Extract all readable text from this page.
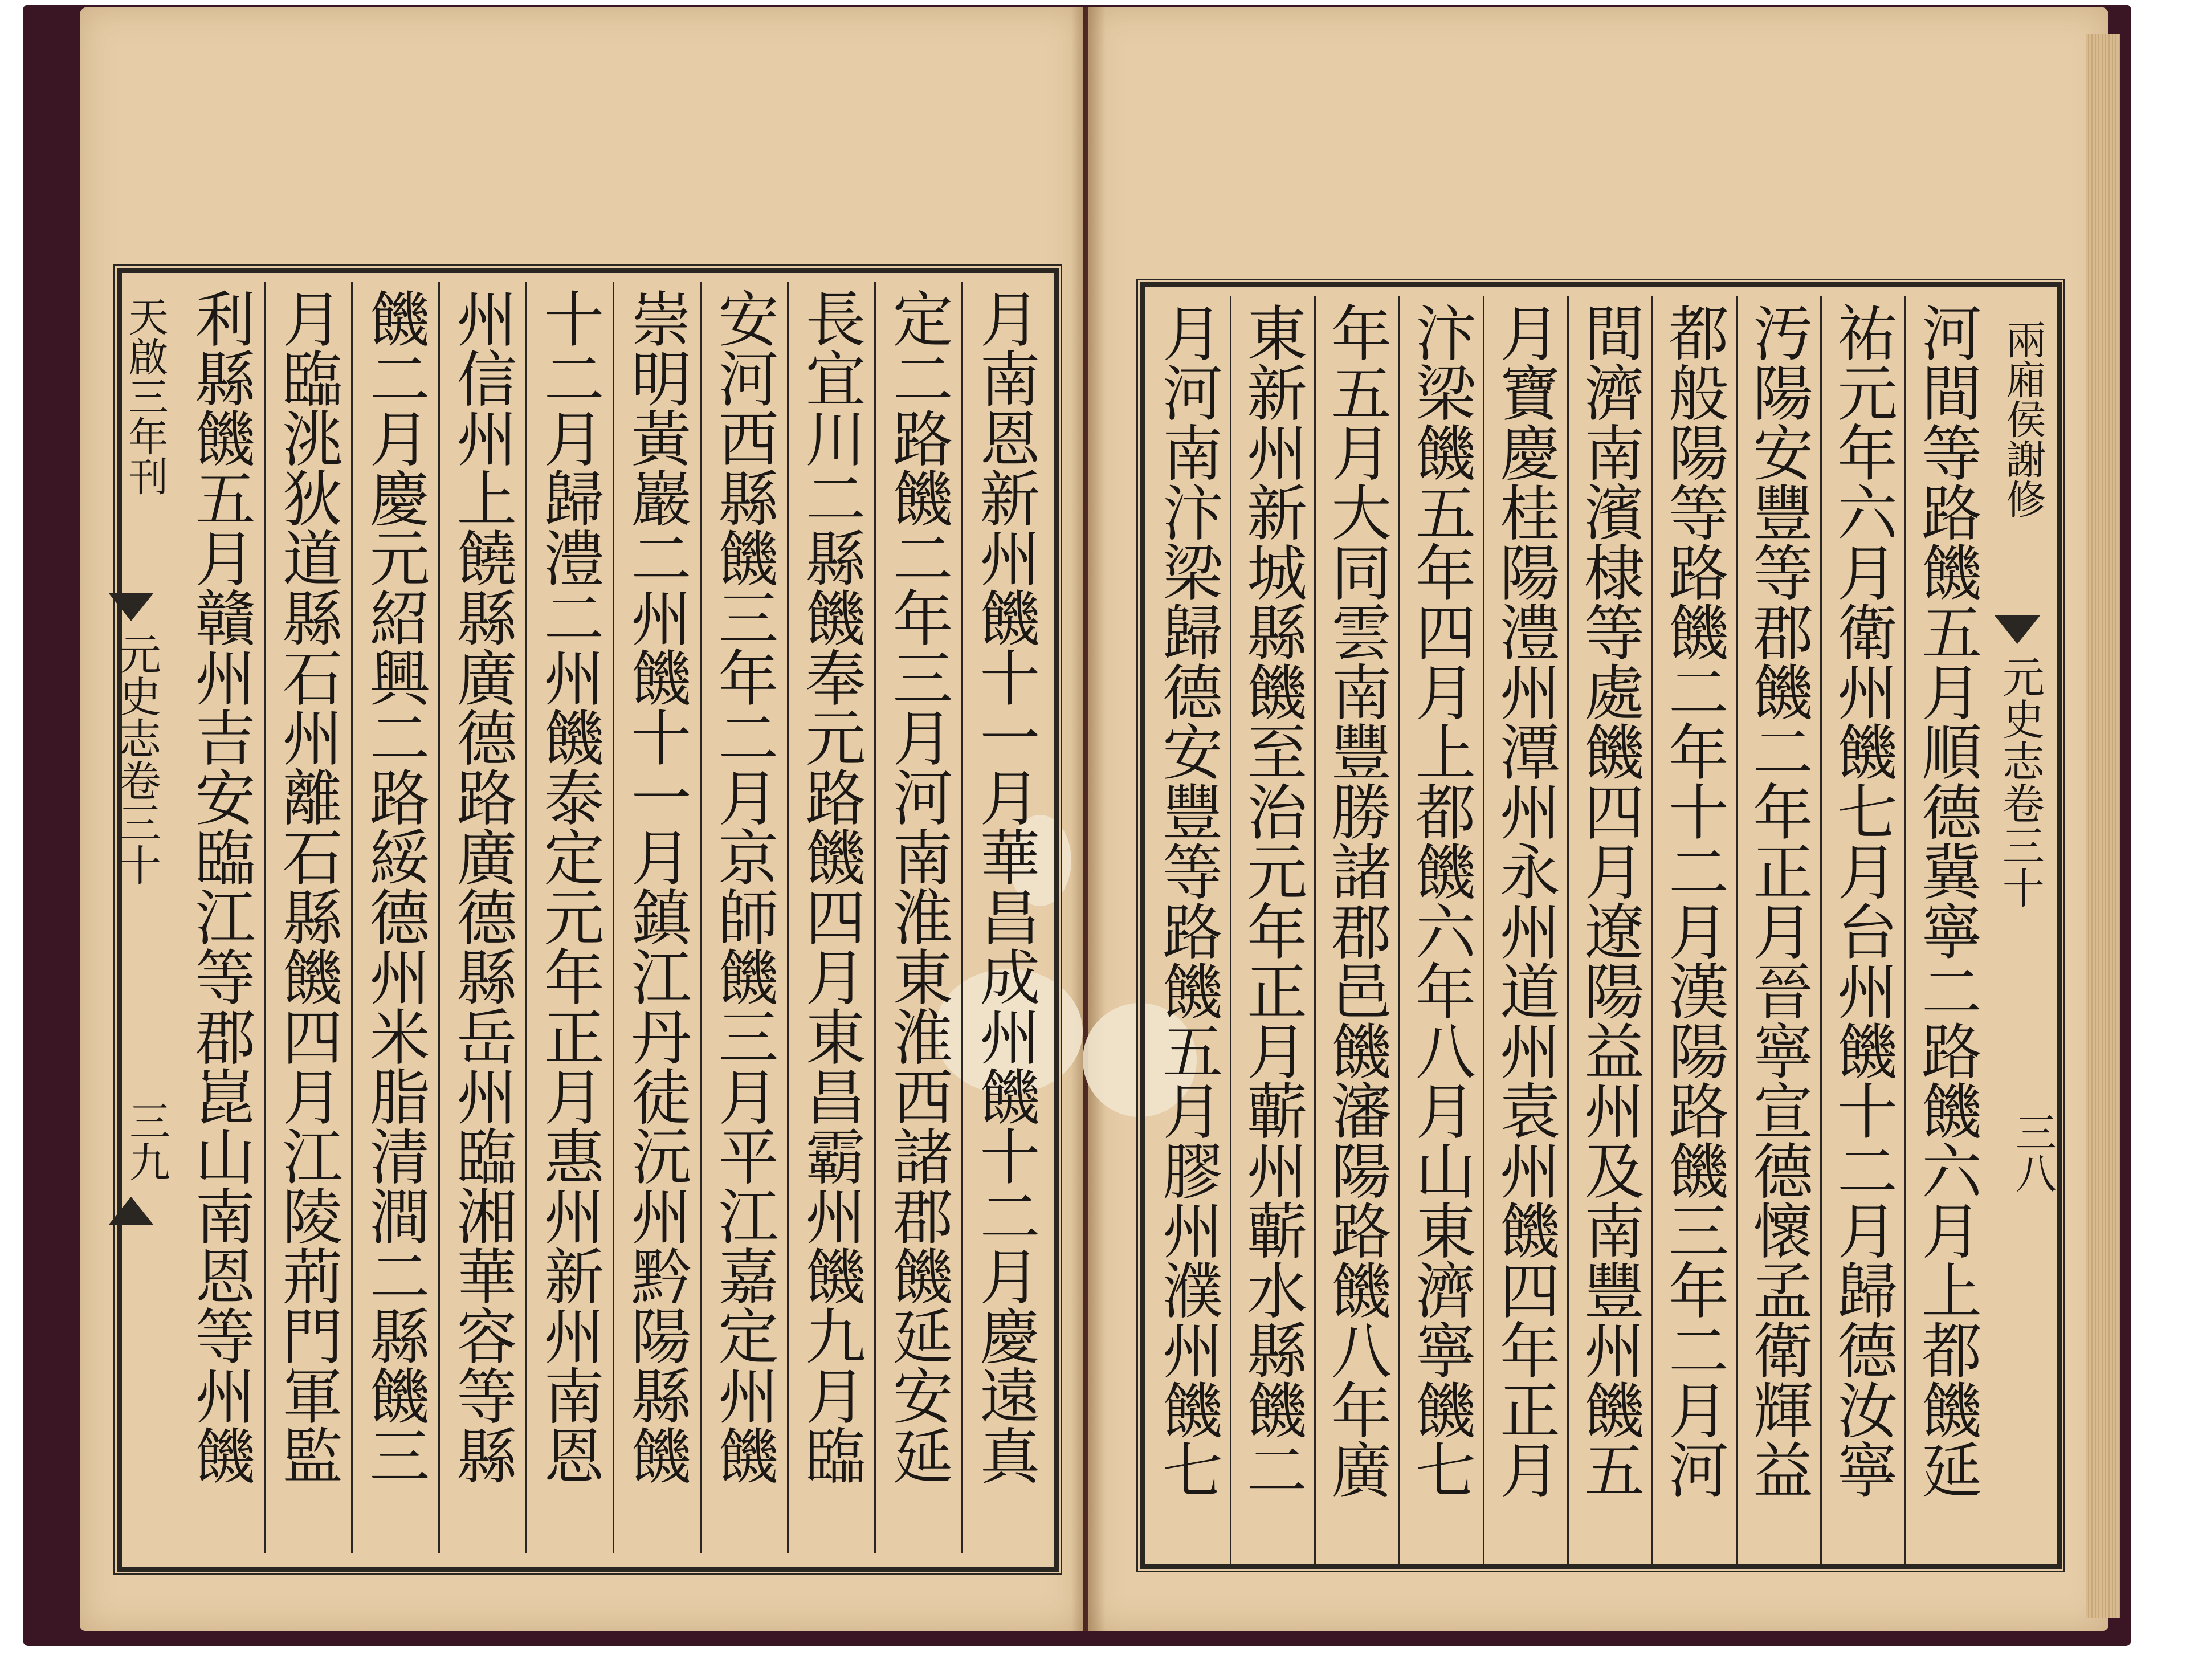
天啟三年刊
元史志卷三十
三九	月南恩新州饑十一月華昌成州饑十二月慶遠真
定二路饑二年三月河南淮東淮西諸郡饑延安延
長宜川二縣饑奉元路饑四月東昌霸州饑九月臨
安河西縣饑三年二月京師饑三月平江嘉定州饑
崇明黃巖二州饑十一月鎮江丹徒沅州黔陽縣饑
十二月歸澧二州饑泰定元年正月惠州新州南恩
州信州上饒縣廣德路廣德縣岳州臨湘華容等縣
饑二月慶元紹興二路綏德州米脂清澗二縣饑三
月臨洮狄道縣石州離石縣饑四月江陵荊門軍監
利縣饑五月贛州吉安臨江等郡崑山南恩等州饑	兩廂侯謝修
元史志卷三十
三八
河間等路饑五月順德冀寧二路饑六月上都饑延
祐元年六月衛州饑七月台州饑十二月歸德汝寧
汚陽安豐等郡饑二年正月晉寧宣德懷孟衛輝益
都般陽等路饑二年十二月漢陽路饑三年二月河
間濟南濱棣等處饑四月遼陽益州及南豐州饑五
月寶慶桂陽澧州潭州永州道州袁州饑四年正月
汴梁饑五年四月上都饑六年八月山東濟寧饑七
年五月大同雲南豐勝諸郡邑饑瀋陽路饑八年廣
東新州新城縣饑至治元年正月蘄州蘄水縣饑二
月河南汴梁歸德安豐等路饑五月膠州濮州饑七
